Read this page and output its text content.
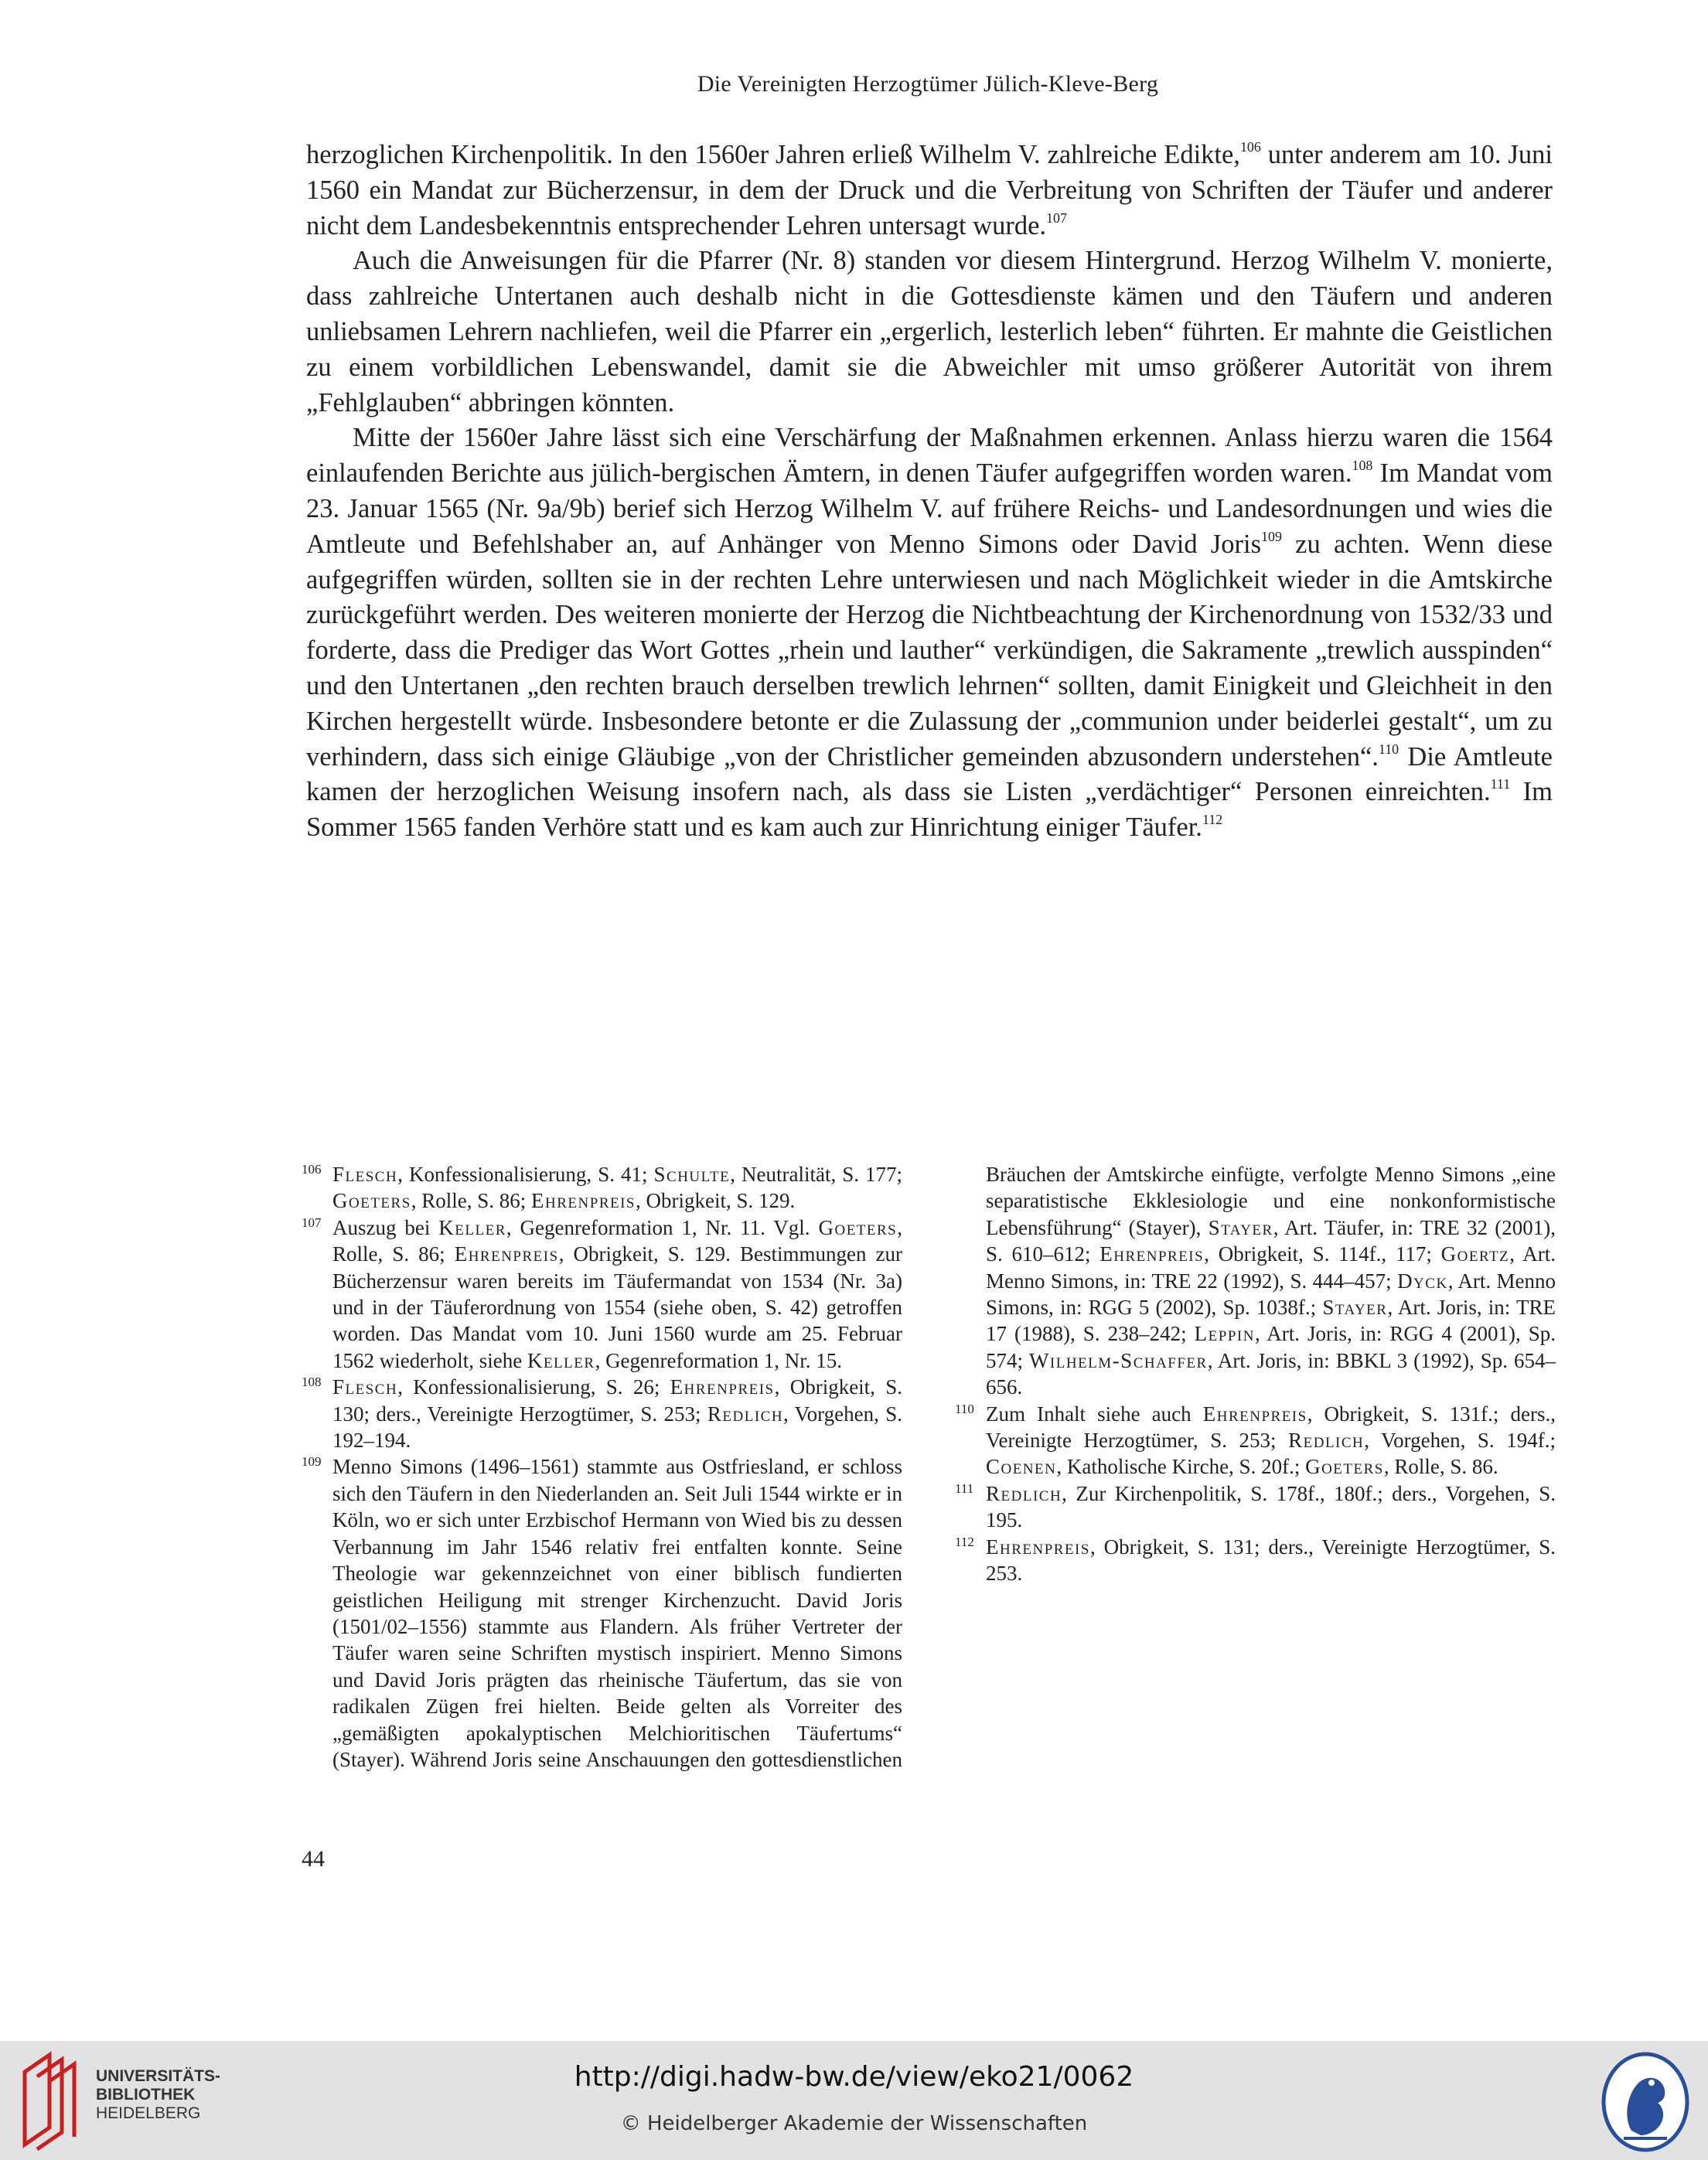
Die Vereinigten Herzogtümer Jülich-Kleve-Berg

herzoglichen Kirchenpolitik. In den 1560er Jahren erließ Wilhelm V. zahlreiche Edikte,$^{106}$ unter anderem am 10. Juni 1560 ein Mandat zur Bücherzensur, in dem der Druck und die Verbreitung von Schriften der Täufer und anderer nicht dem Landesbekenntnis entsprechender Lehren untersagt wurde.$^{107}$

Auch die Anweisungen für die Pfarrer (Nr. 8) standen vor diesem Hintergrund. Herzog Wilhelm V. monierte, dass zahlreiche Untertanen auch deshalb nicht in die Gottesdienste kämen und den Täufern und anderen unliebsamen Lehrern nachliefen, weil die Pfarrer ein „ergerlich, lesterlich leben“ führten. Er mahnte die Geistlichen zu einem vorbildlichen Lebenswandel, damit sie die Abweichler mit umso größerer Autorität von ihrem „Fehlglauben“ abbringen könnten.

Mitte der 1560er Jahre lässt sich eine Verschärfung der Maßnahmen erkennen. Anlass hierzu waren die 1564 einlaufenden Berichte aus jülich-bergischen Ämtern, in denen Täufer aufgegriffen worden waren.$^{108}$ Im Mandat vom 23. Januar 1565 (Nr. 9a/9b) berief sich Herzog Wilhelm V. auf frühere Reichs- und Landesordnungen und wies die Amtleute und Befehlshaber an, auf Anhänger von Menno Simons oder David Joris$^{109}$ zu achten. Wenn diese aufgegriffen würden, sollten sie in der rechten Lehre unterwiesen und nach Möglichkeit wieder in die Amtskirche zurückgeführt werden. Des weiteren monierte der Herzog die Nichtbeachtung der Kirchenordnung von 1532/33 und forderte, dass die Prediger das Wort Gottes „rhein und lauther“ verkündigen, die Sakramente „trewlich ausspinden“ und den Untertanen „den rechten brauch derselben trewlich lehrnen“ sollten, damit Einigkeit und Gleichheit in den Kirchen hergestellt würde. Insbesondere betonte er die Zulassung der „communion under beiderlei gestalt“, um zu verhindern, dass sich einige Gläubige „von der Christlicher gemeinden abzusondern understehen“.$^{110}$ Die Amtleute kamen der herzoglichen Weisung insofern nach, als dass sie Listen „verdächtiger“ Personen einreichten.$^{111}$ Im Sommer 1565 fanden Verhöre statt und es kam auch zur Hinrichtung einiger Täufer.$^{112}$

106 Flesch, Konfessionalisierung, S. 41; Schulte, Neutralität, S. 177; Goeters, Rolle, S. 86; Ehrenpreis, Obrigkeit, S. 129.

107 Auszug bei Keller, Gegenreformation 1, Nr. 11. Vgl. Goeters, Rolle, S. 86; Ehrenpreis, Obrigkeit, S. 129. Bestimmungen zur Bücherzensur waren bereits im Täufermandat von 1534 (Nr. 3a) und in der Täuferordnung von 1554 (siehe oben, S. 42) getroffen worden. Das Mandat vom 10. Juni 1560 wurde am 25. Februar 1562 wiederholt, siehe Keller, Gegenreformation 1, Nr. 15.

108 Flesch, Konfessionalisierung, S. 26; Ehrenpreis, Obrigkeit, S. 130; ders., Vereinigte Herzogtümer, S. 253; Redlich, Vorgehen, S. 192–194.

109 Menno Simons (1496–1561) stammte aus Ostfriesland, er schloss sich den Täufern in den Niederlanden an. Seit Juli 1544 wirkte er in Köln, wo er sich unter Erzbischof Hermann von Wied bis zu dessen Verbannung im Jahr 1546 relativ frei entfalten konnte. Seine Theologie war gekennzeichnet von einer biblisch fundierten geistlichen Heiligung mit strenger Kirchenzucht. David Joris (1501/02–1556) stammte aus Flandern. Als früher Vertreter der Täufer waren seine Schriften mystisch inspiriert. Menno Simons und David Joris prägten das rheinische Täufertum, das sie von radikalen Zügen frei hielten. Beide gelten als Vorreiter des „gemäßigten apokalyptischen Melchioritischen Täufertums“ (Stayer). Während Joris seine Anschauungen den gottesdienstlichen Bräuchen der Amtskirche einfügte, verfolgte Menno Simons „eine separatistische Ekklesiologie und eine nonkonformistische Lebensführung“ (Stayer), Stayer, Art. Täufer, in: TRE 32 (2001), S. 610–612; Ehrenpreis, Obrigkeit, S. 114f., 117; Goertz, Art. Menno Simons, in: TRE 22 (1992), S. 444–457; Dyck, Art. Menno Simons, in: RGG 5 (2002), Sp. 1038f.; Stayer, Art. Joris, in: TRE 17 (1988), S. 238–242; Leppin, Art. Joris, in: RGG 4 (2001), Sp. 574; Wilhelm-Schaffer, Art. Joris, in: BBKL 3 (1992), Sp. 654–656.

110 Zum Inhalt siehe auch Ehrenpreis, Obrigkeit, S. 131f.; ders., Vereinigte Herzogtümer, S. 253; Redlich, Vorgehen, S. 194f.; Coenen, Katholische Kirche, S. 20f.; Goeters, Rolle, S. 86.

111 Redlich, Zur Kirchenpolitik, S. 178f., 180f.; ders., Vorgehen, S. 195.

112 Ehrenpreis, Obrigkeit, S. 131; ders., Vereinigte Herzogtümer, S. 253.

44
UNIVERSITÄTS-
BIBLIOTHEK
HEIDELBERG
http://digi.hadw-bw.de/view/eko21/0062
© Heidelberger Akademie der Wissenschaften
